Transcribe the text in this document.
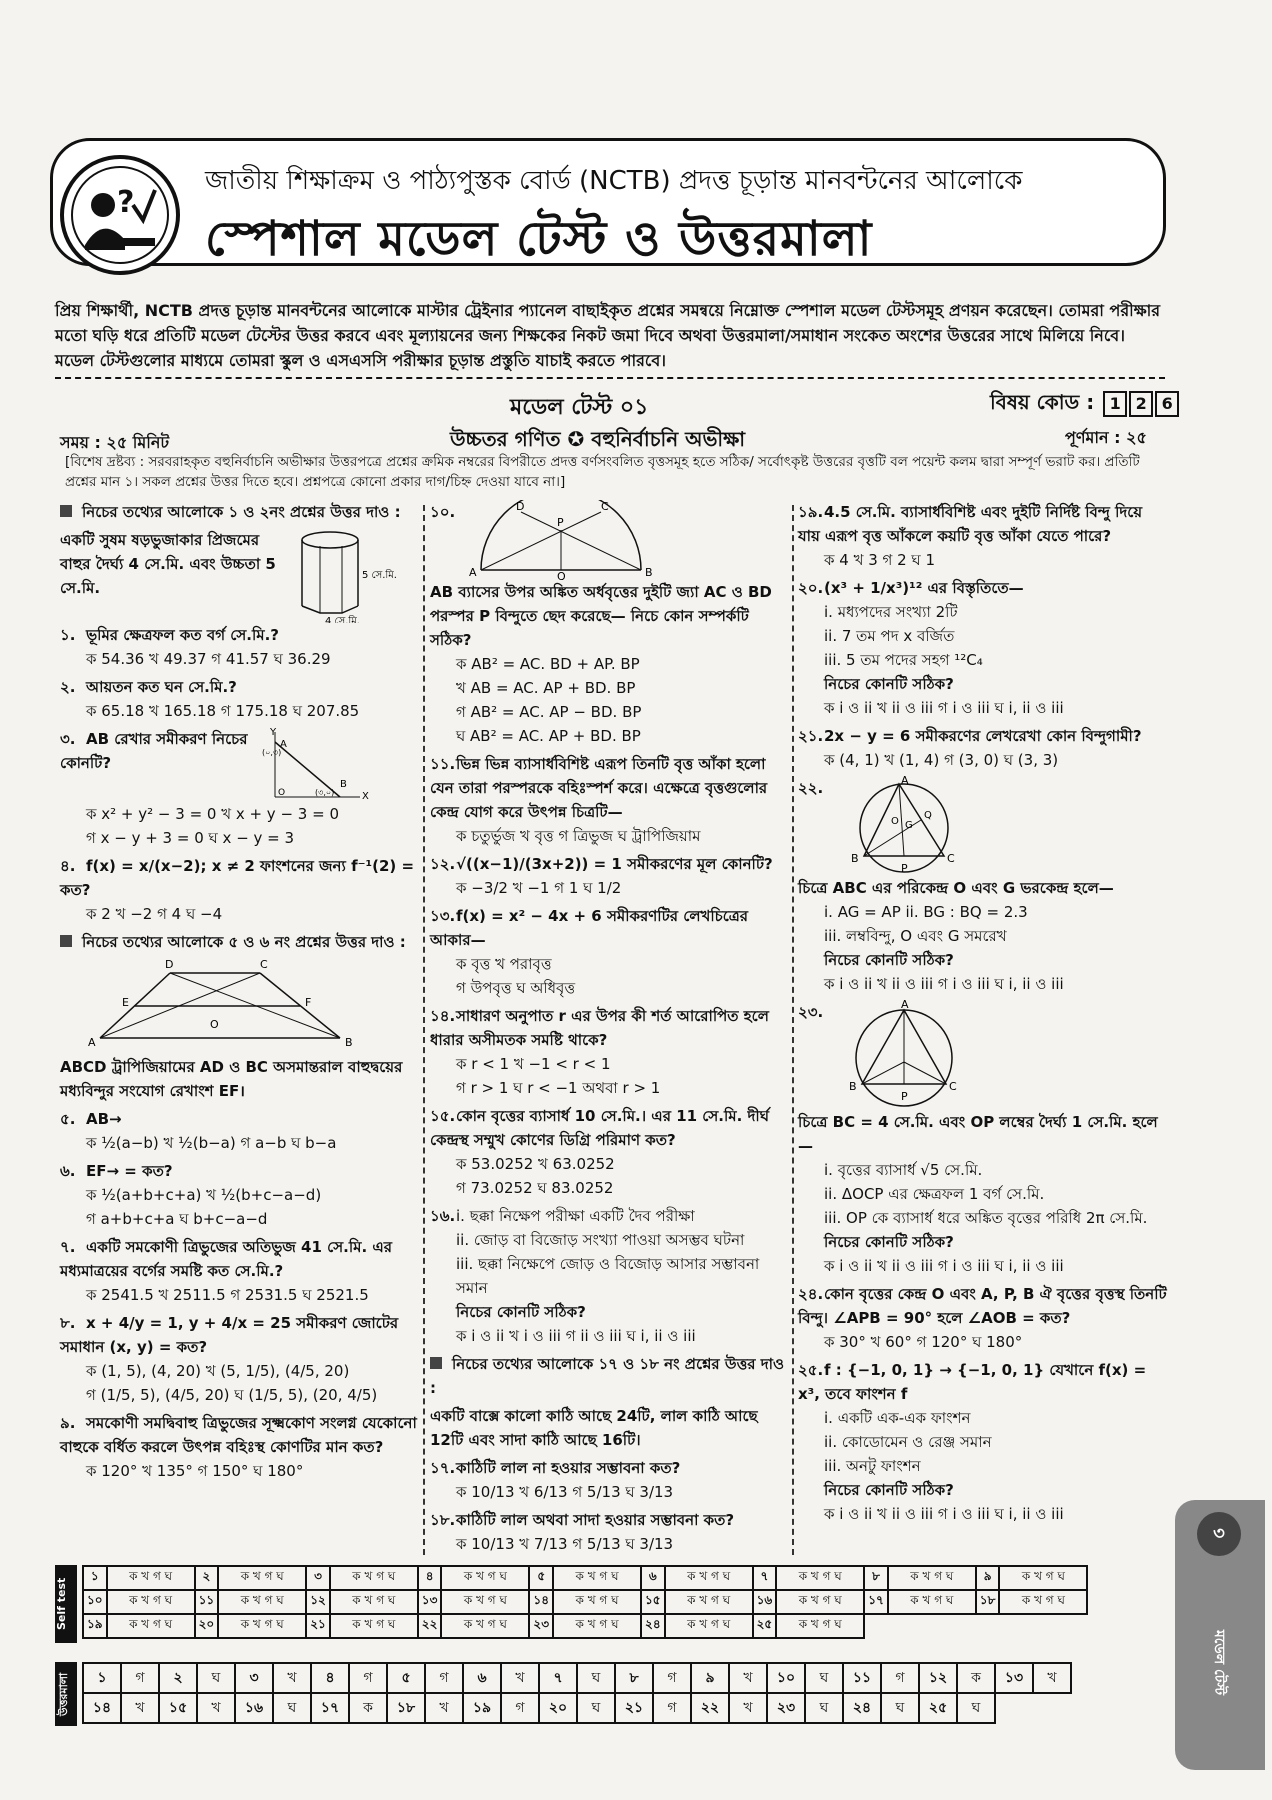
?
জাতীয় শিক্ষাক্রম ও পাঠ্যপুস্তক বোর্ড (NCTB) প্রদত্ত চূড়ান্ত মানবন্টনের আলোকে
স্পেশাল মডেল টেস্ট ও উত্তরমালা
প্রিয় শিক্ষার্থী, NCTB প্রদত্ত চূড়ান্ত মানবন্টনের আলোকে মাস্টার ট্রেইনার প্যানেল বাছাইকৃত প্রশ্নের সমন্বয়ে নিম্নোক্ত স্পেশাল মডেল টেস্টসমূহ প্রণয়ন করেছেন। তোমরা পরীক্ষার মতো ঘড়ি ধরে প্রতিটি মডেল টেস্টের উত্তর করবে এবং মূল্যায়নের জন্য শিক্ষকের নিকট জমা দিবে অথবা উত্তরমালা/সমাধান সংকেত অংশের উত্তরের সাথে মিলিয়ে নিবে। মডেল টেস্টগুলোর মাধ্যমে তোমরা স্কুল ও এসএসসি পরীক্ষার চূড়ান্ত প্রস্তুতি যাচাই করতে পারবে।
মডেল টেস্ট ০১	বিষয় কোড : 1 2 6
সময় : ২৫ মিনিট	উচ্চতর গণিত ✪ বহুনির্বাচনি অভীক্ষা	পূর্ণমান : ২৫
[বিশেষ দ্রষ্টব্য : সরবরাহকৃত বহুনির্বাচনি অভীক্ষার উত্তরপত্রে প্রশ্নের ক্রমিক নম্বরের বিপরীতে প্রদত্ত বর্ণসংবলিত বৃত্তসমূহ হতে সঠিক/ সর্বোৎকৃষ্ট উত্তরের বৃত্তটি বল পয়েন্ট কলম দ্বারা সম্পূর্ণ ভরাট কর। প্রতিটি প্রশ্নের মান ১। সকল প্রশ্নের উত্তর দিতে হবে। প্রশ্নপত্রে কোনো প্রকার দাগ/চিহ্ন দেওয়া যাবে না।]
নিচের তথ্যের আলোকে ১ ও ২নং প্রশ্নের উত্তর দাও :
একটি সুষম ষড়ভুজাকার প্রিজমের বাহুর দৈর্ঘ্য 4 সে.মি. এবং উচ্চতা 5 সে.মি.
5 সে.মি.
4 সে.মি.
১. ভূমির ক্ষেত্রফল কত বর্গ সে.মি.?
ক 54.36 খ 49.37 গ 41.57 ঘ 36.29
২. আয়তন কত ঘন সে.মি.?
ক 65.18 খ 165.18 গ 175.18 ঘ 207.85
৩. AB রেখার সমীকরণ নিচের কোনটি?
Y
A
B
X
O
(০,৩)
(৩,০)
ক x² + y² − 3 = 0 খ x + y − 3 = 0
গ x − y + 3 = 0 ঘ x − y = 3
৪. f(x) = x/(x−2); x ≠ 2 ফাংশনের জন্য f⁻¹(2) = কত?
ক 2 খ −2 গ 4 ঘ −4
নিচের তথ্যের আলোকে ৫ ও ৬ নং প্রশ্নের উত্তর দাও :
D	C
E	F
A
O
B
ABCD ট্রাপিজিয়ামের AD ও BC অসমান্তরাল বাহুদ্বয়ের মধ্যবিন্দুর সংযোগ রেখাংশ EF।
৫. AB→
ক ½(a−b) খ ½(b−a) গ a−b ঘ b−a
৬. EF→ = কত?
ক ½(a+b+c+a) খ ½(b+c−a−d)
গ a+b+c+a ঘ b+c−a−d
৭. একটি সমকোণী ত্রিভুজের অতিভুজ 41 সে.মি. এর মধ্যমাত্রয়ের বর্গের সমষ্টি কত সে.মি.?
ক 2541.5 খ 2511.5 গ 2531.5 ঘ 2521.5
৮. x + 4/y = 1, y + 4/x = 25 সমীকরণ জোটের সমাধান (x, y) = কত?
ক (1, 5), (4, 20) খ (5, 1/5), (4/5, 20)
গ (1/5, 5), (4/5, 20) ঘ (1/5, 5), (20, 4/5)
৯. সমকোণী সমদ্বিবাহু ত্রিভুজের সূক্ষ্মকোণ সংলগ্ন যেকোনো বাহুকে বর্ধিত করলে উৎপন্ন বহিঃস্থ কোণটির মান কত?
ক 120° খ 135° গ 150° ঘ 180°
১০.	D
P
C
A	Q	B
AB ব্যাসের উপর অঙ্কিত অর্ধবৃত্তের দুইটি জ্যা AC ও BD পরস্পর P বিন্দুতে ছেদ করেছে— নিচে কোন সম্পর্কটি সঠিক?
ক AB² = AC. BD + AP. BP
খ AB = AC. AP + BD. BP
গ AB² = AC. AP − BD. BP
ঘ AB² = AC. AP + BD. BP
১১.ভিন্ন ভিন্ন ব্যাসার্ধবিশিষ্ট এরূপ তিনটি বৃত্ত আঁকা হলো যেন তারা পরস্পরকে বহিঃস্পর্শ করে। এক্ষেত্রে বৃত্তগুলোর কেন্দ্র যোগ করে উৎপন্ন চিত্রটি—
ক চতুর্ভুজ খ বৃত্ত গ ত্রিভুজ ঘ ট্রাপিজিয়াম
১২.√((x−1)/(3x+2)) = 1 সমীকরণের মূল কোনটি?
ক −3/2 খ −1 গ 1 ঘ 1/2
১৩.f(x) = x² − 4x + 6 সমীকরণটির লেখচিত্রের আকার—
ক বৃত্ত খ পরাবৃত্ত
গ উপবৃত্ত ঘ অধিবৃত্ত
১৪.সাধারণ অনুপাত r এর উপর কী শর্ত আরোপিত হলে ধারার অসীমতক সমষ্টি থাকে?
ক r < 1 খ −1 < r < 1
গ r > 1 ঘ r < −1 অথবা r > 1
১৫.কোন বৃত্তের ব্যাসার্ধ 10 সে.মি.। এর 11 সে.মি. দীর্ঘ কেন্দ্রস্থ সম্মুখ কোণের ডিগ্রি পরিমাণ কত?
ক 53.0252 খ 63.0252
গ 73.0252 ঘ 83.0252
১৬.i. ছক্কা নিক্ষেপ পরীক্ষা একটি দৈব পরীক্ষা
ii. জোড় বা বিজোড় সংখ্যা পাওয়া অসম্ভব ঘটনা
iii. ছক্কা নিক্ষেপে জোড় ও বিজোড় আসার সম্ভাবনা সমান
নিচের কোনটি সঠিক?
ক i ও ii খ i ও iii গ ii ও iii ঘ i, ii ও iii
নিচের তথ্যের আলোকে ১৭ ও ১৮ নং প্রশ্নের উত্তর দাও :
একটি বাক্সে কালো কাঠি আছে 24টি, লাল কাঠি আছে 12টি এবং সাদা কাঠি আছে 16টি।
১৭.কাঠিটি লাল না হওয়ার সম্ভাবনা কত?
ক 10/13 খ 6/13 গ 5/13 ঘ 3/13
১৮.কাঠিটি লাল অথবা সাদা হওয়ার সম্ভাবনা কত?
ক 10/13 খ 7/13 গ 5/13 ঘ 3/13
১৯.4.5 সে.মি. ব্যাসার্ধবিশিষ্ট এবং দুইটি নির্দিষ্ট বিন্দু দিয়ে যায় এরূপ বৃত্ত আঁকলে কয়টি বৃত্ত আঁকা যেতে পারে?
ক 4 খ 3 গ 2 ঘ 1
২০.(x³ + 1/x³)¹² এর বিস্তৃতিতে—
i. মধ্যপদের সংখ্যা 2টি
ii. 7 তম পদ x বর্জিত
iii. 5 তম পদের সহগ ¹²C₄
নিচের কোনটি সঠিক?
ক i ও ii খ ii ও iii গ i ও iii ঘ i, ii ও iii
২১.2x − y = 6 সমীকরণের লেখরেখা কোন বিন্দুগামী?
ক (4, 1) খ (1, 4) গ (3, 0) ঘ (3, 3)
২২.	A
B	C
P
O G
Q
চিত্রে ABC এর পরিকেন্দ্র O এবং G ভরকেন্দ্র হলে—
i. AG = AP ii. BG : BQ = 2.3
iii. লম্ববিন্দু, O এবং G সমরেখ
নিচের কোনটি সঠিক?
ক i ও ii খ ii ও iii গ i ও iii ঘ i, ii ও iii
২৩.	A
B	C
P
চিত্রে BC = 4 সে.মি. এবং OP লম্বের দৈর্ঘ্য 1 সে.মি. হলে—
i. বৃত্তের ব্যাসার্ধ √5 সে.মি.
ii. ΔOCP এর ক্ষেত্রফল 1 বর্গ সে.মি.
iii. OP কে ব্যাসার্ধ ধরে অঙ্কিত বৃত্তের পরিধি 2π সে.মি.
নিচের কোনটি সঠিক?
ক i ও ii খ ii ও iii গ i ও iii ঘ i, ii ও iii
২৪.কোন বৃত্তের কেন্দ্র O এবং A, P, B ঐ বৃত্তের বৃত্তস্থ তিনটি বিন্দু। ∠APB = 90° হলে ∠AOB = কত?
ক 30° খ 60° গ 120° ঘ 180°
২৫.f : {−1, 0, 1} → {−1, 0, 1} যেখানে f(x) = x³, তবে ফাংশন f
i. একটি এক-এক ফাংশন
ii. কোডোমেন ও রেঞ্জ সমান
iii. অনটু ফাংশন
নিচের কোনটি সঠিক?
ক i ও ii খ ii ও iii গ i ও iii ঘ i, ii ও iii
Self test
১	ক খ গ ঘ	২	ক খ গ ঘ	৩	ক খ গ ঘ	৪	ক খ গ ঘ	৫	ক খ গ ঘ	৬	ক খ গ ঘ	৭	ক খ গ ঘ	৮	ক খ গ ঘ	৯	ক খ গ ঘ
১০	ক খ গ ঘ	১১	ক খ গ ঘ	১২	ক খ গ ঘ	১৩	ক খ গ ঘ	১৪	ক খ গ ঘ	১৫	ক খ গ ঘ	১৬	ক খ গ ঘ	১৭	ক খ গ ঘ	১৮	ক খ গ ঘ
১৯	ক খ গ ঘ	২০	ক খ গ ঘ	২১	ক খ গ ঘ	২২	ক খ গ ঘ	২৩	ক খ গ ঘ	২৪	ক খ গ ঘ	২৫	ক খ গ ঘ				
উত্তরমালা	১	গ	২	ঘ	৩	খ	৪	গ	৫	গ	৬	খ	৭	ঘ	৮	গ	৯	খ	১০	ঘ	১১	গ	১২	ক	১৩	খ
১৪	খ	১৫	খ	১৬	ঘ	১৭	ক	১৮	খ	১৯	গ	২০	ঘ	২১	গ	২২	খ	২৩	ঘ	২৪	ঘ	২৫	ঘ		
৩
মডেল টেস্ট
